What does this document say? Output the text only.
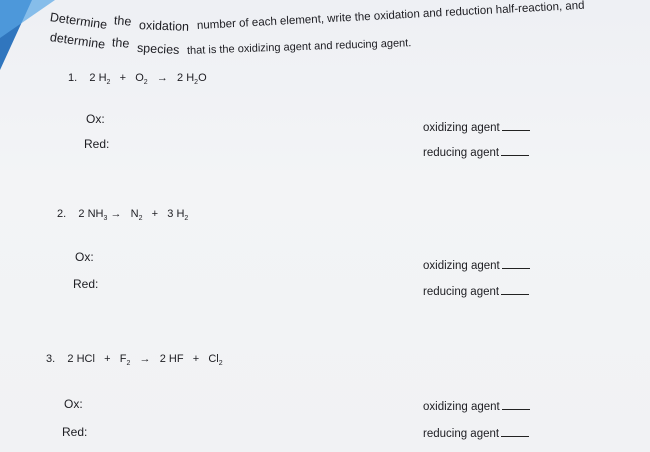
Determine the oxidation number of each element, write the oxidation and reduction half-reaction, and
determine the species that is the oxidizing agent and reducing agent.
1. 2 $H_2 + O_2 \to 2$ $H_2O$
Ox:
Red:
oxidizing agent
reducing agent
2. 2 $NH_3 \to N_2 + 3$ $H_2$
Ox:
Red:
oxidizing agent
reducing agent
3. 2 HCl + $F_2 \to 2$ HF + $Cl_2$
Ox:
Red:
oxidizing agent
reducing agent
